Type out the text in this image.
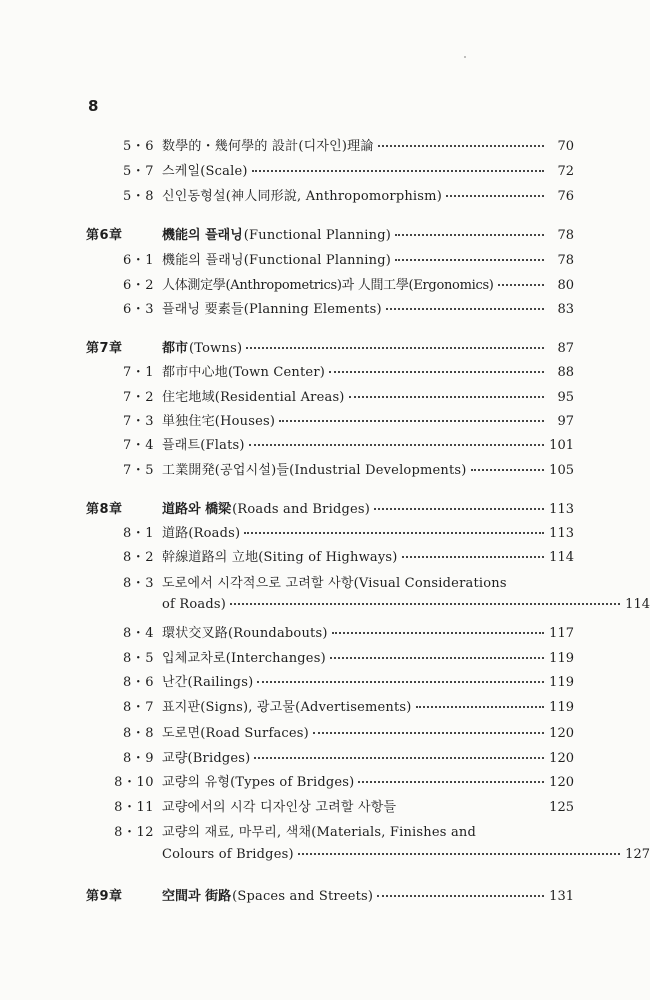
8
5・6 数學的・幾何學的 設計(디자인)理論	70
5・7 스케일(Scale)	72
5・8 신인동형설(神人同形說, Anthropomorphism)	76
第6章	機能의 플래닝 (Functional Planning)	78
6・1 機能의 플래닝(Functional Planning)	78
6・2 人体測定學(Anthropometrics)과 人間工學(Ergonomics)	80
6・3 플래닝 要素들(Planning Elements)	83
第7章	都市 (Towns)	87
7・1 都市中心地(Town Center)	88
7・2 住宅地域(Residential Areas)	95
7・3 単独住宅(Houses)	97
7・4 플래트(Flats)	101
7・5 工業開発(공업시설)들(Industrial Developments)	105
第8章	道路와 橋梁 (Roads and Bridges)	113
8・1 道路(Roads)	113
8・2 幹線道路의 立地(Siting of Highways)	114
8・3 도로에서 시각적으로 고려할 사항(Visual Considerations
of Roads)	114
8・4 環状交叉路(Roundabouts)	117
8・5 입체교차로(Interchanges)	119
8・6 난간(Railings)	119
8・7 표지판(Signs), 광고물(Advertisements)	119
8・8 도로면(Road Surfaces)	120
8・9 교량(Bridges)	120
8・10 교량의 유형(Types of Bridges)	120
8・11 교량에서의 시각 디자인상 고려할 사항들	125
8・12 교량의 재료, 마무리, 색채(Materials, Finishes and
Colours of Bridges)	127
第9章	空間과 街路 (Spaces and Streets)	131
